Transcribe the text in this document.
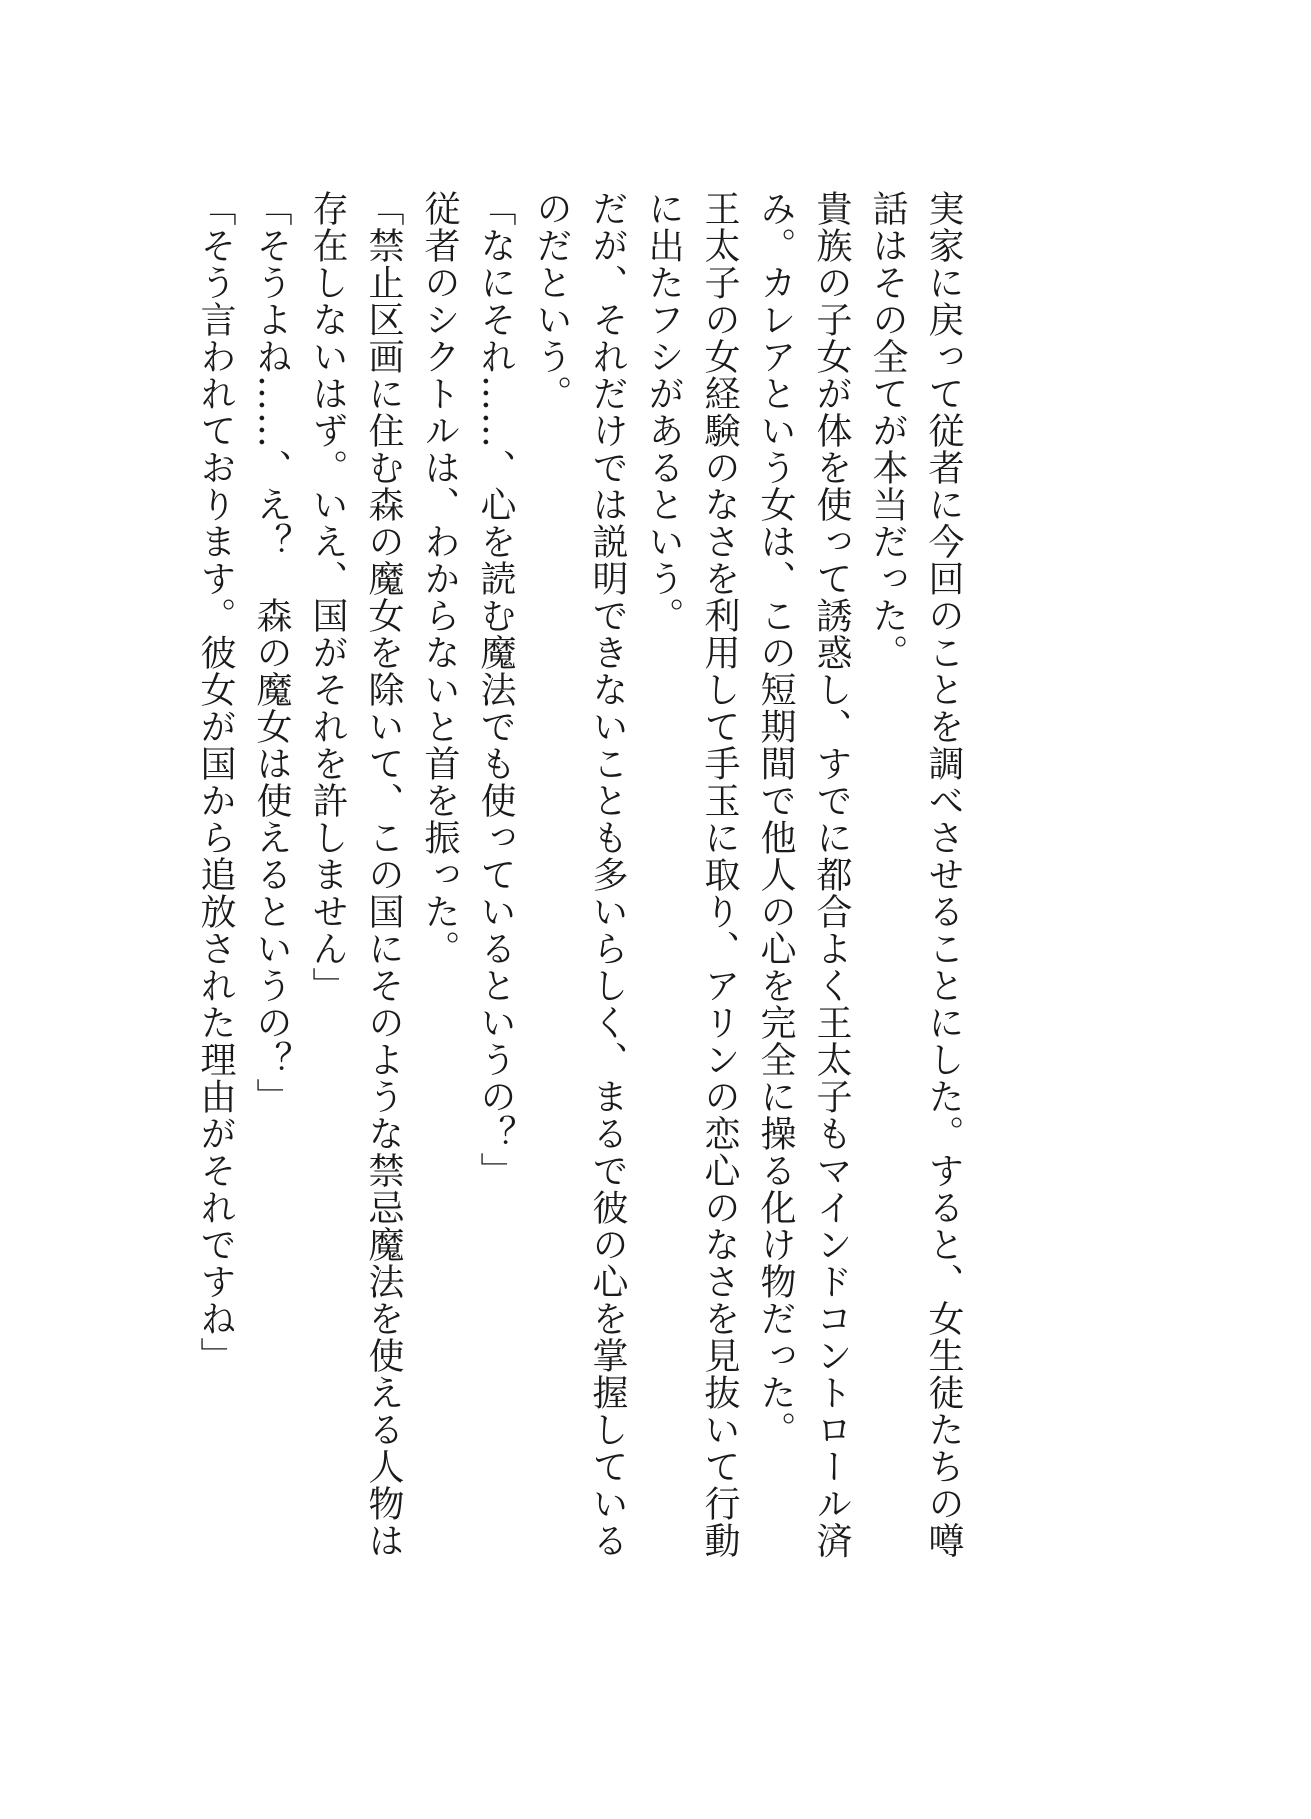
実家に戻って従者に今回のことを調べさせることにした。すると、女生徒たちの噂話はその全てが本当だった。

貴族の子女が体を使って誘惑し、すでに都合よく王太子もマインドコントロール済み。カレアという女は、この短期間で他人の心を完全に操る化け物だった。

王太子の女経験のなさを利用して手玉に取り、アリンの恋心のなさを見抜いて行動に出たフシがあるという。

だが、それだけでは説明できないことも多いらしく、まるで彼の心を掌握しているのだという。

「なにそれ……、心を読む魔法でも使っているというの？」

従者のシクトルは、わからないと首を振った。

「禁止区画に住む森の魔女を除いて、この国にそのような禁忌魔法を使える人物は存在しないはず。いえ、国がそれを許しません」

「そうよね……、え？　森の魔女は使えるというの？」

「そう言われております。彼女が国から追放された理由がそれですね」
